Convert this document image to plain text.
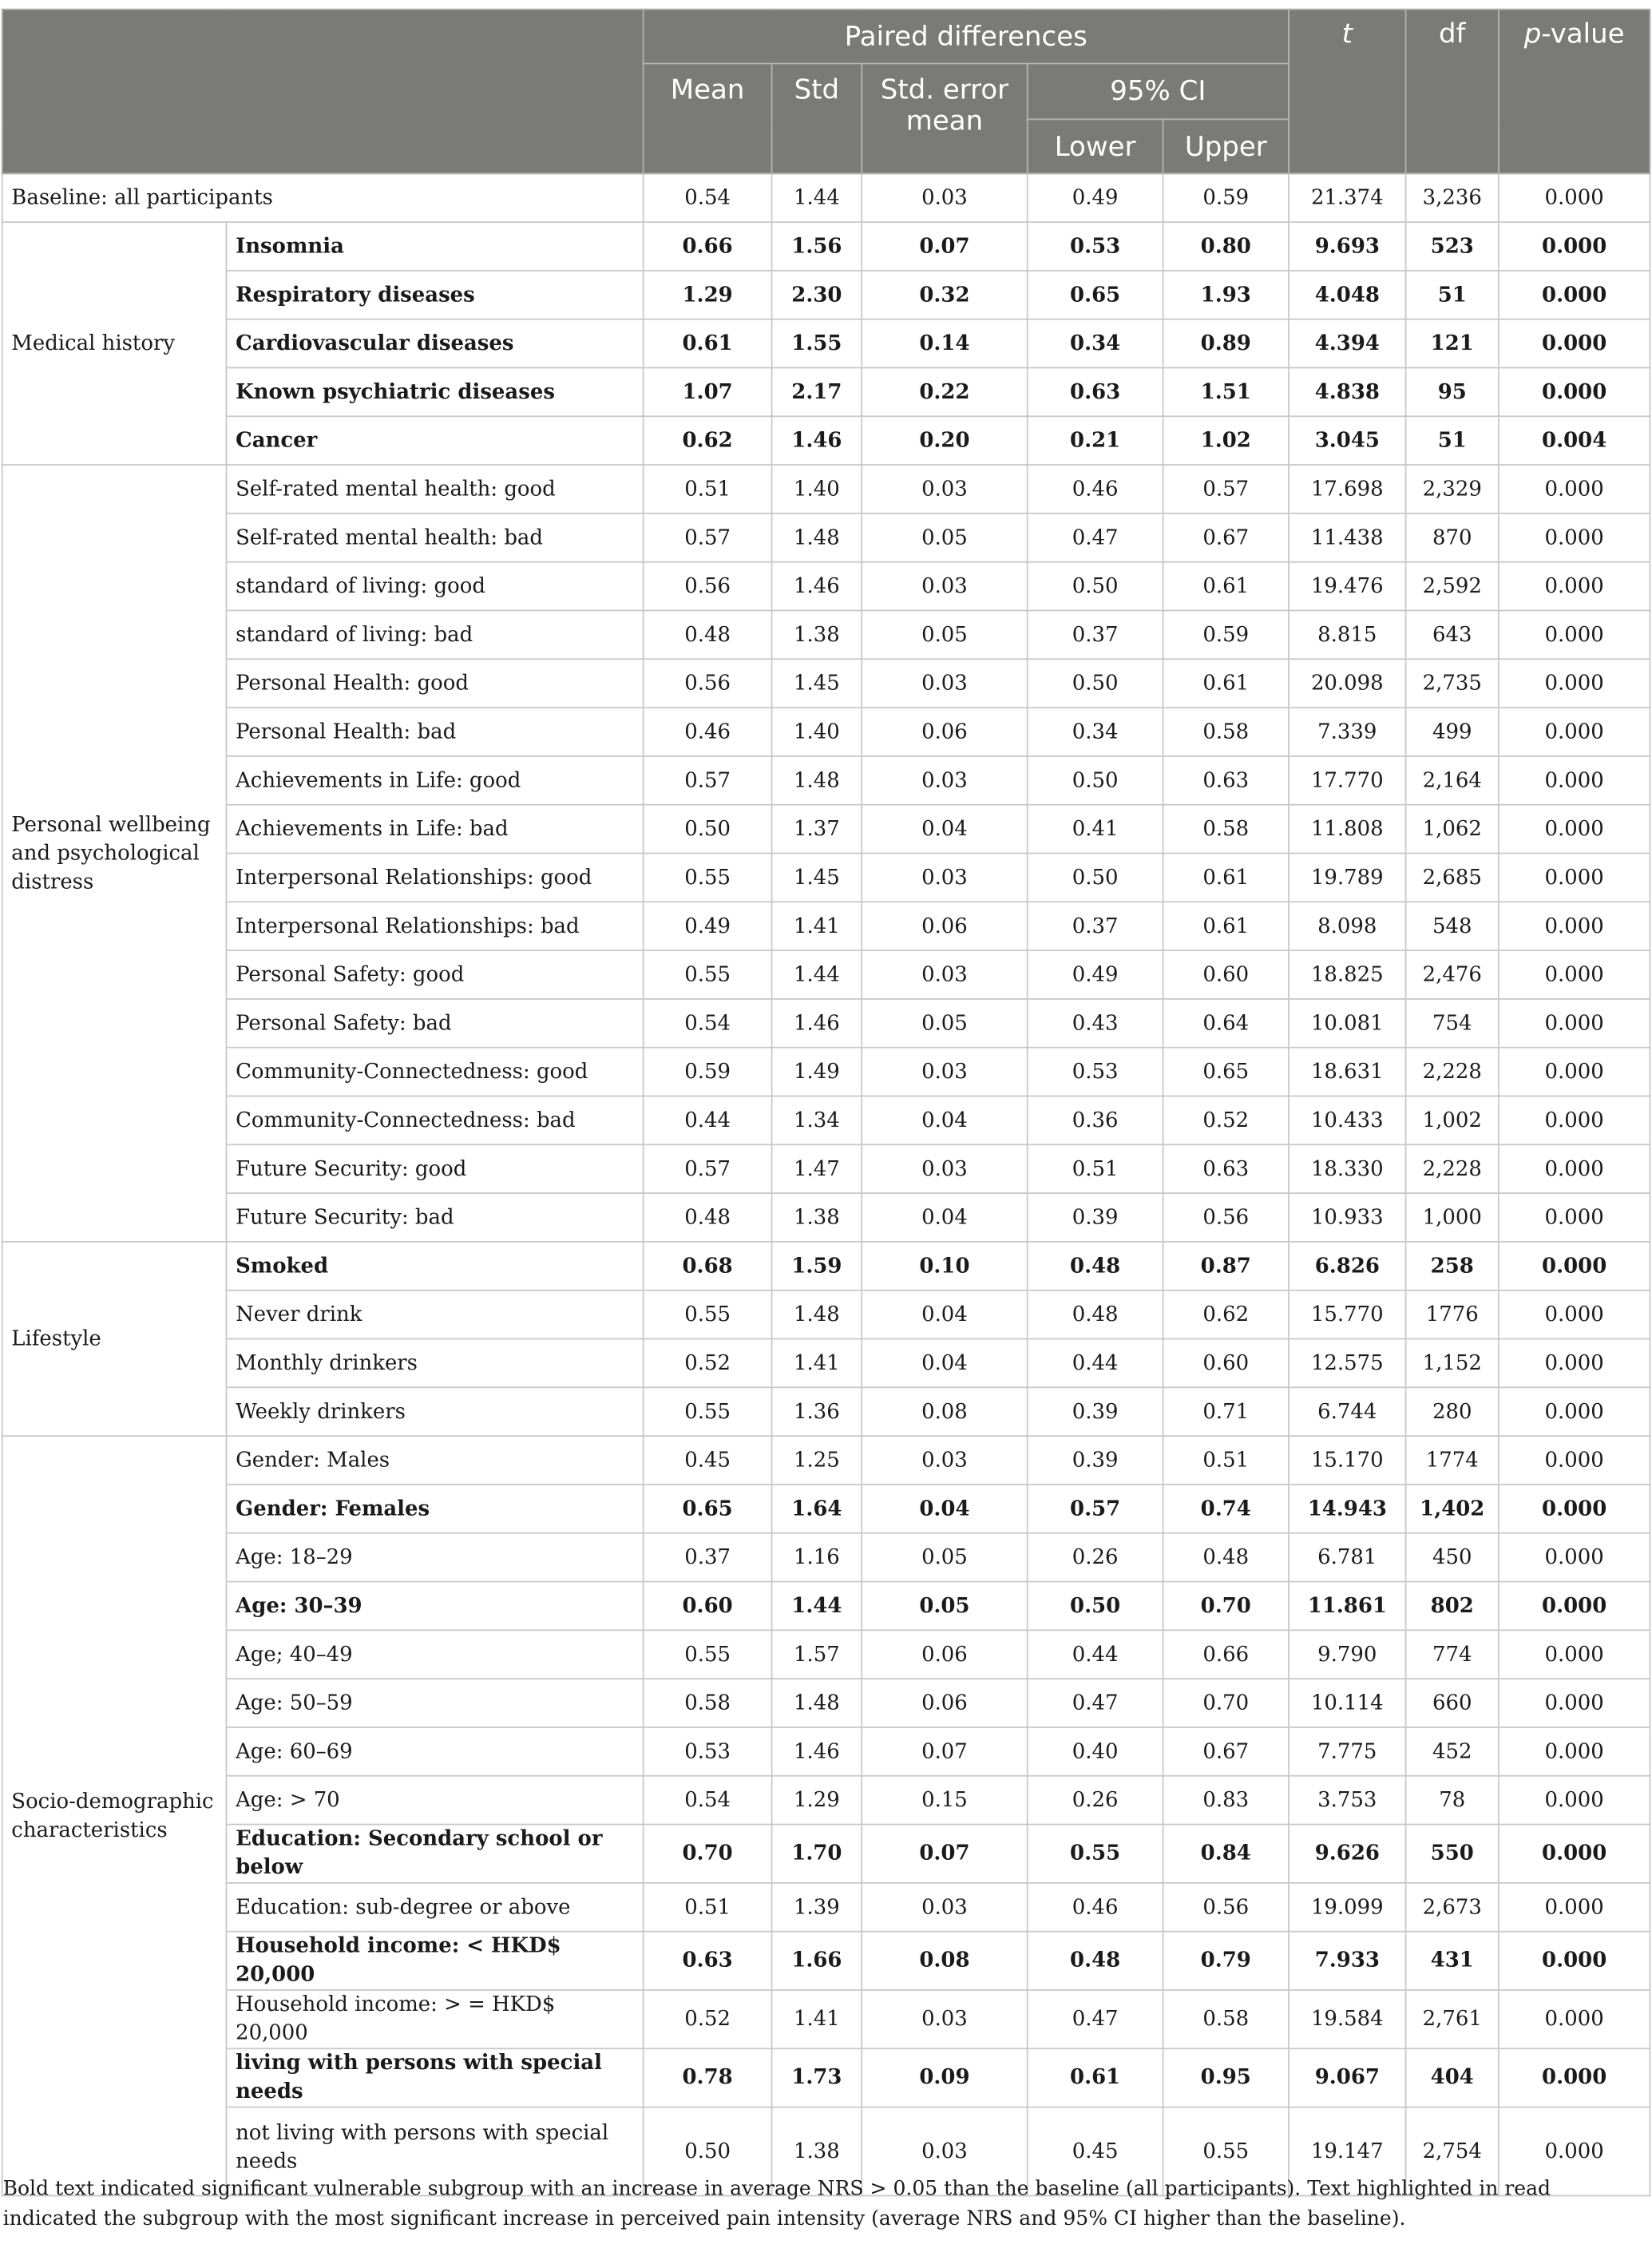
		Paired differences					t	df	p-value
		Mean	Std	Std. error mean	95% CI				
					Lower	Upper			
Baseline: all participants		0.54	1.44	0.03	0.49	0.59	21.374	3,236	0.000
Medical history	Insomnia	0.66	1.56	0.07	0.53	0.80	9.693	523	0.000
	Respiratory diseases	1.29	2.30	0.32	0.65	1.93	4.048	51	0.000
	Cardiovascular diseases	0.61	1.55	0.14	0.34	0.89	4.394	121	0.000
	Known psychiatric diseases	1.07	2.17	0.22	0.63	1.51	4.838	95	0.000
	Cancer	0.62	1.46	0.20	0.21	1.02	3.045	51	0.004
Personal wellbeing and psychological distress	Self-rated mental health: good	0.51	1.40	0.03	0.46	0.57	17.698	2,329	0.000
	Self-rated mental health: bad	0.57	1.48	0.05	0.47	0.67	11.438	870	0.000
	standard of living: good	0.56	1.46	0.03	0.50	0.61	19.476	2,592	0.000
	standard of living: bad	0.48	1.38	0.05	0.37	0.59	8.815	643	0.000
	Personal Health: good	0.56	1.45	0.03	0.50	0.61	20.098	2,735	0.000
	Personal Health: bad	0.46	1.40	0.06	0.34	0.58	7.339	499	0.000
	Achievements in Life: good	0.57	1.48	0.03	0.50	0.63	17.770	2,164	0.000
	Achievements in Life: bad	0.50	1.37	0.04	0.41	0.58	11.808	1,062	0.000
	Interpersonal Relationships: good	0.55	1.45	0.03	0.50	0.61	19.789	2,685	0.000
	Interpersonal Relationships: bad	0.49	1.41	0.06	0.37	0.61	8.098	548	0.000
	Personal Safety: good	0.55	1.44	0.03	0.49	0.60	18.825	2,476	0.000
	Personal Safety: bad	0.54	1.46	0.05	0.43	0.64	10.081	754	0.000
	Community-Connectedness: good	0.59	1.49	0.03	0.53	0.65	18.631	2,228	0.000
	Community-Connectedness: bad	0.44	1.34	0.04	0.36	0.52	10.433	1,002	0.000
	Future Security: good	0.57	1.47	0.03	0.51	0.63	18.330	2,228	0.000
	Future Security: bad	0.48	1.38	0.04	0.39	0.56	10.933	1,000	0.000
Lifestyle	Smoked	0.68	1.59	0.10	0.48	0.87	6.826	258	0.000
	Never drink	0.55	1.48	0.04	0.48	0.62	15.770	1776	0.000
	Monthly drinkers	0.52	1.41	0.04	0.44	0.60	12.575	1,152	0.000
	Weekly drinkers	0.55	1.36	0.08	0.39	0.71	6.744	280	0.000
Socio-demographic characteristics	Gender: Males	0.45	1.25	0.03	0.39	0.51	15.170	1774	0.000
	Gender: Females	0.65	1.64	0.04	0.57	0.74	14.943	1,402	0.000
	Age: 18–29	0.37	1.16	0.05	0.26	0.48	6.781	450	0.000
	Age: 30–39	0.60	1.44	0.05	0.50	0.70	11.861	802	0.000
	Age; 40–49	0.55	1.57	0.06	0.44	0.66	9.790	774	0.000
	Age: 50–59	0.58	1.48	0.06	0.47	0.70	10.114	660	0.000
	Age: 60–69	0.53	1.46	0.07	0.40	0.67	7.775	452	0.000
	Age: > 70	0.54	1.29	0.15	0.26	0.83	3.753	78	0.000
	Education: Secondary school or below	0.70	1.70	0.07	0.55	0.84	9.626	550	0.000
	Education: sub-degree or above	0.51	1.39	0.03	0.46	0.56	19.099	2,673	0.000
	Household income: < HKD$ 20,000	0.63	1.66	0.08	0.48	0.79	7.933	431	0.000
	Household income: > = HKD$ 20,000	0.52	1.41	0.03	0.47	0.58	19.584	2,761	0.000
	living with persons with special needs	0.78	1.73	0.09	0.61	0.95	9.067	404	0.000
	not living with persons with special needs	0.50	1.38	0.03	0.45	0.55	19.147	2,754	0.000

Bold text indicated significant vulnerable subgroup with an increase in average NRS > 0.05 than the baseline (all participants). Text highlighted in read indicated the subgroup with the most significant increase in perceived pain intensity (average NRS and 95% CI higher than the baseline).
